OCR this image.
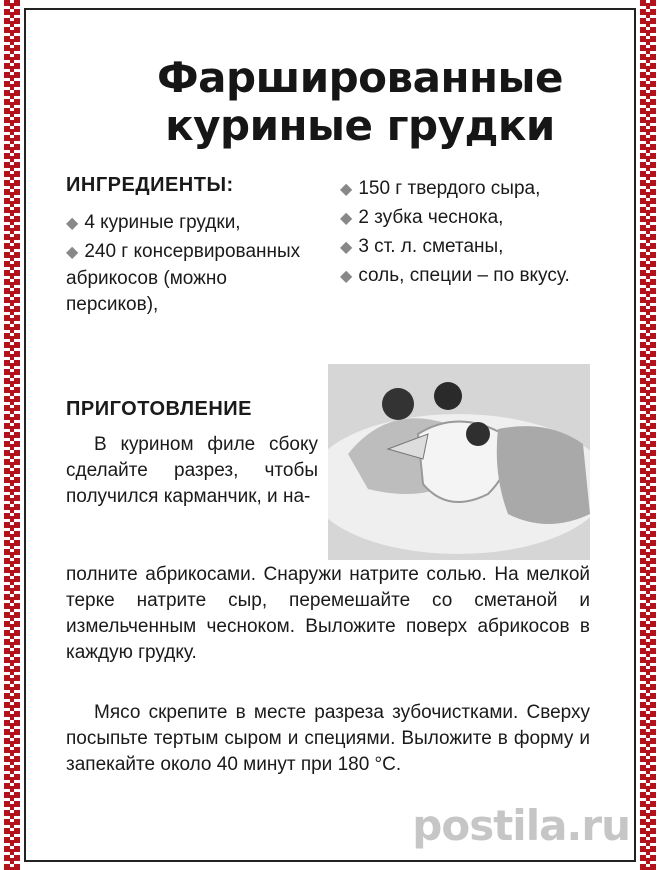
Фаршированные
куриные грудки
ИНГРЕДИЕНТЫ:
◆ 4 куриные грудки,
◆ 240 г консервированных абрикосов (можно персиков),
◆ 150 г твердого сыра,
◆ 2 зубка чеснока,
◆ 3 ст. л. сметаны,
◆ соль, специи – по вкусу.
ПРИГОТОВЛЕНИЕ

В курином филе сбоку сделайте разрез, чтобы получился карманчик, и на-

полните абрикосами. Снаружи натрите солью. На мелкой терке натрите сыр, перемешайте со сметаной и измельченным чесноком. Выложите поверх абрикосов в каждую грудку.

Мясо скрепите в месте разреза зубочистками. Сверху посыпьте тертым сыром и специями. Выложите в форму и запекайте около 40 минут при 180 °С.

postila.ru
